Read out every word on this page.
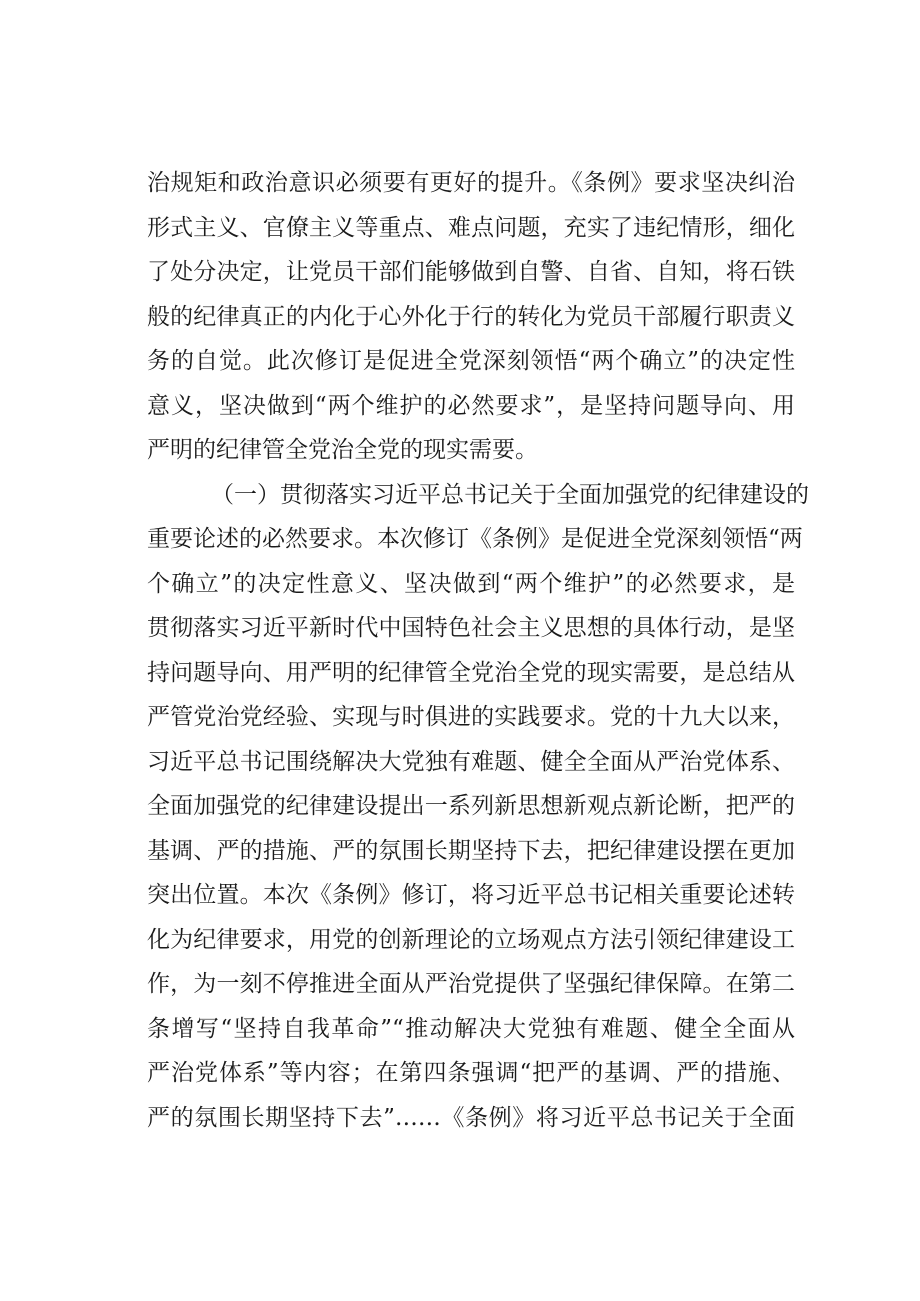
治规矩和政治意识必须要有更好的提升。《条例》要求坚决纠治
形式主义、官僚主义等重点、难点问题，充实了违纪情形，细化
了处分决定，让党员干部们能够做到自警、自省、自知，将石铁
般的纪律真正的内化于心外化于行的转化为党员干部履行职责义
务的自觉。此次修订是促进全党深刻领悟“两个确立”的决定性
意义，坚决做到“两个维护的必然要求”，是坚持问题导向、用
严明的纪律管全党治全党的现实需要。
（一）贯彻落实习近平总书记关于全面加强党的纪律建设的
重要论述的必然要求。本次修订《条例》是促进全党深刻领悟“两
个确立”的决定性意义、坚决做到“两个维护”的必然要求，是
贯彻落实习近平新时代中国特色社会主义思想的具体行动，是坚
持问题导向、用严明的纪律管全党治全党的现实需要，是总结从
严管党治党经验、实现与时俱进的实践要求。党的十九大以来，
习近平总书记围绕解决大党独有难题、健全全面从严治党体系、
全面加强党的纪律建设提出一系列新思想新观点新论断，把严的
基调、严的措施、严的氛围长期坚持下去，把纪律建设摆在更加
突出位置。本次《条例》修订，将习近平总书记相关重要论述转
化为纪律要求，用党的创新理论的立场观点方法引领纪律建设工
作，为一刻不停推进全面从严治党提供了坚强纪律保障。在第二
条增写“坚持自我革命”“推动解决大党独有难题、健全全面从
严治党体系”等内容；在第四条强调“把严的基调、严的措施、
严的氛围长期坚持下去”……《条例》将习近平总书记关于全面
